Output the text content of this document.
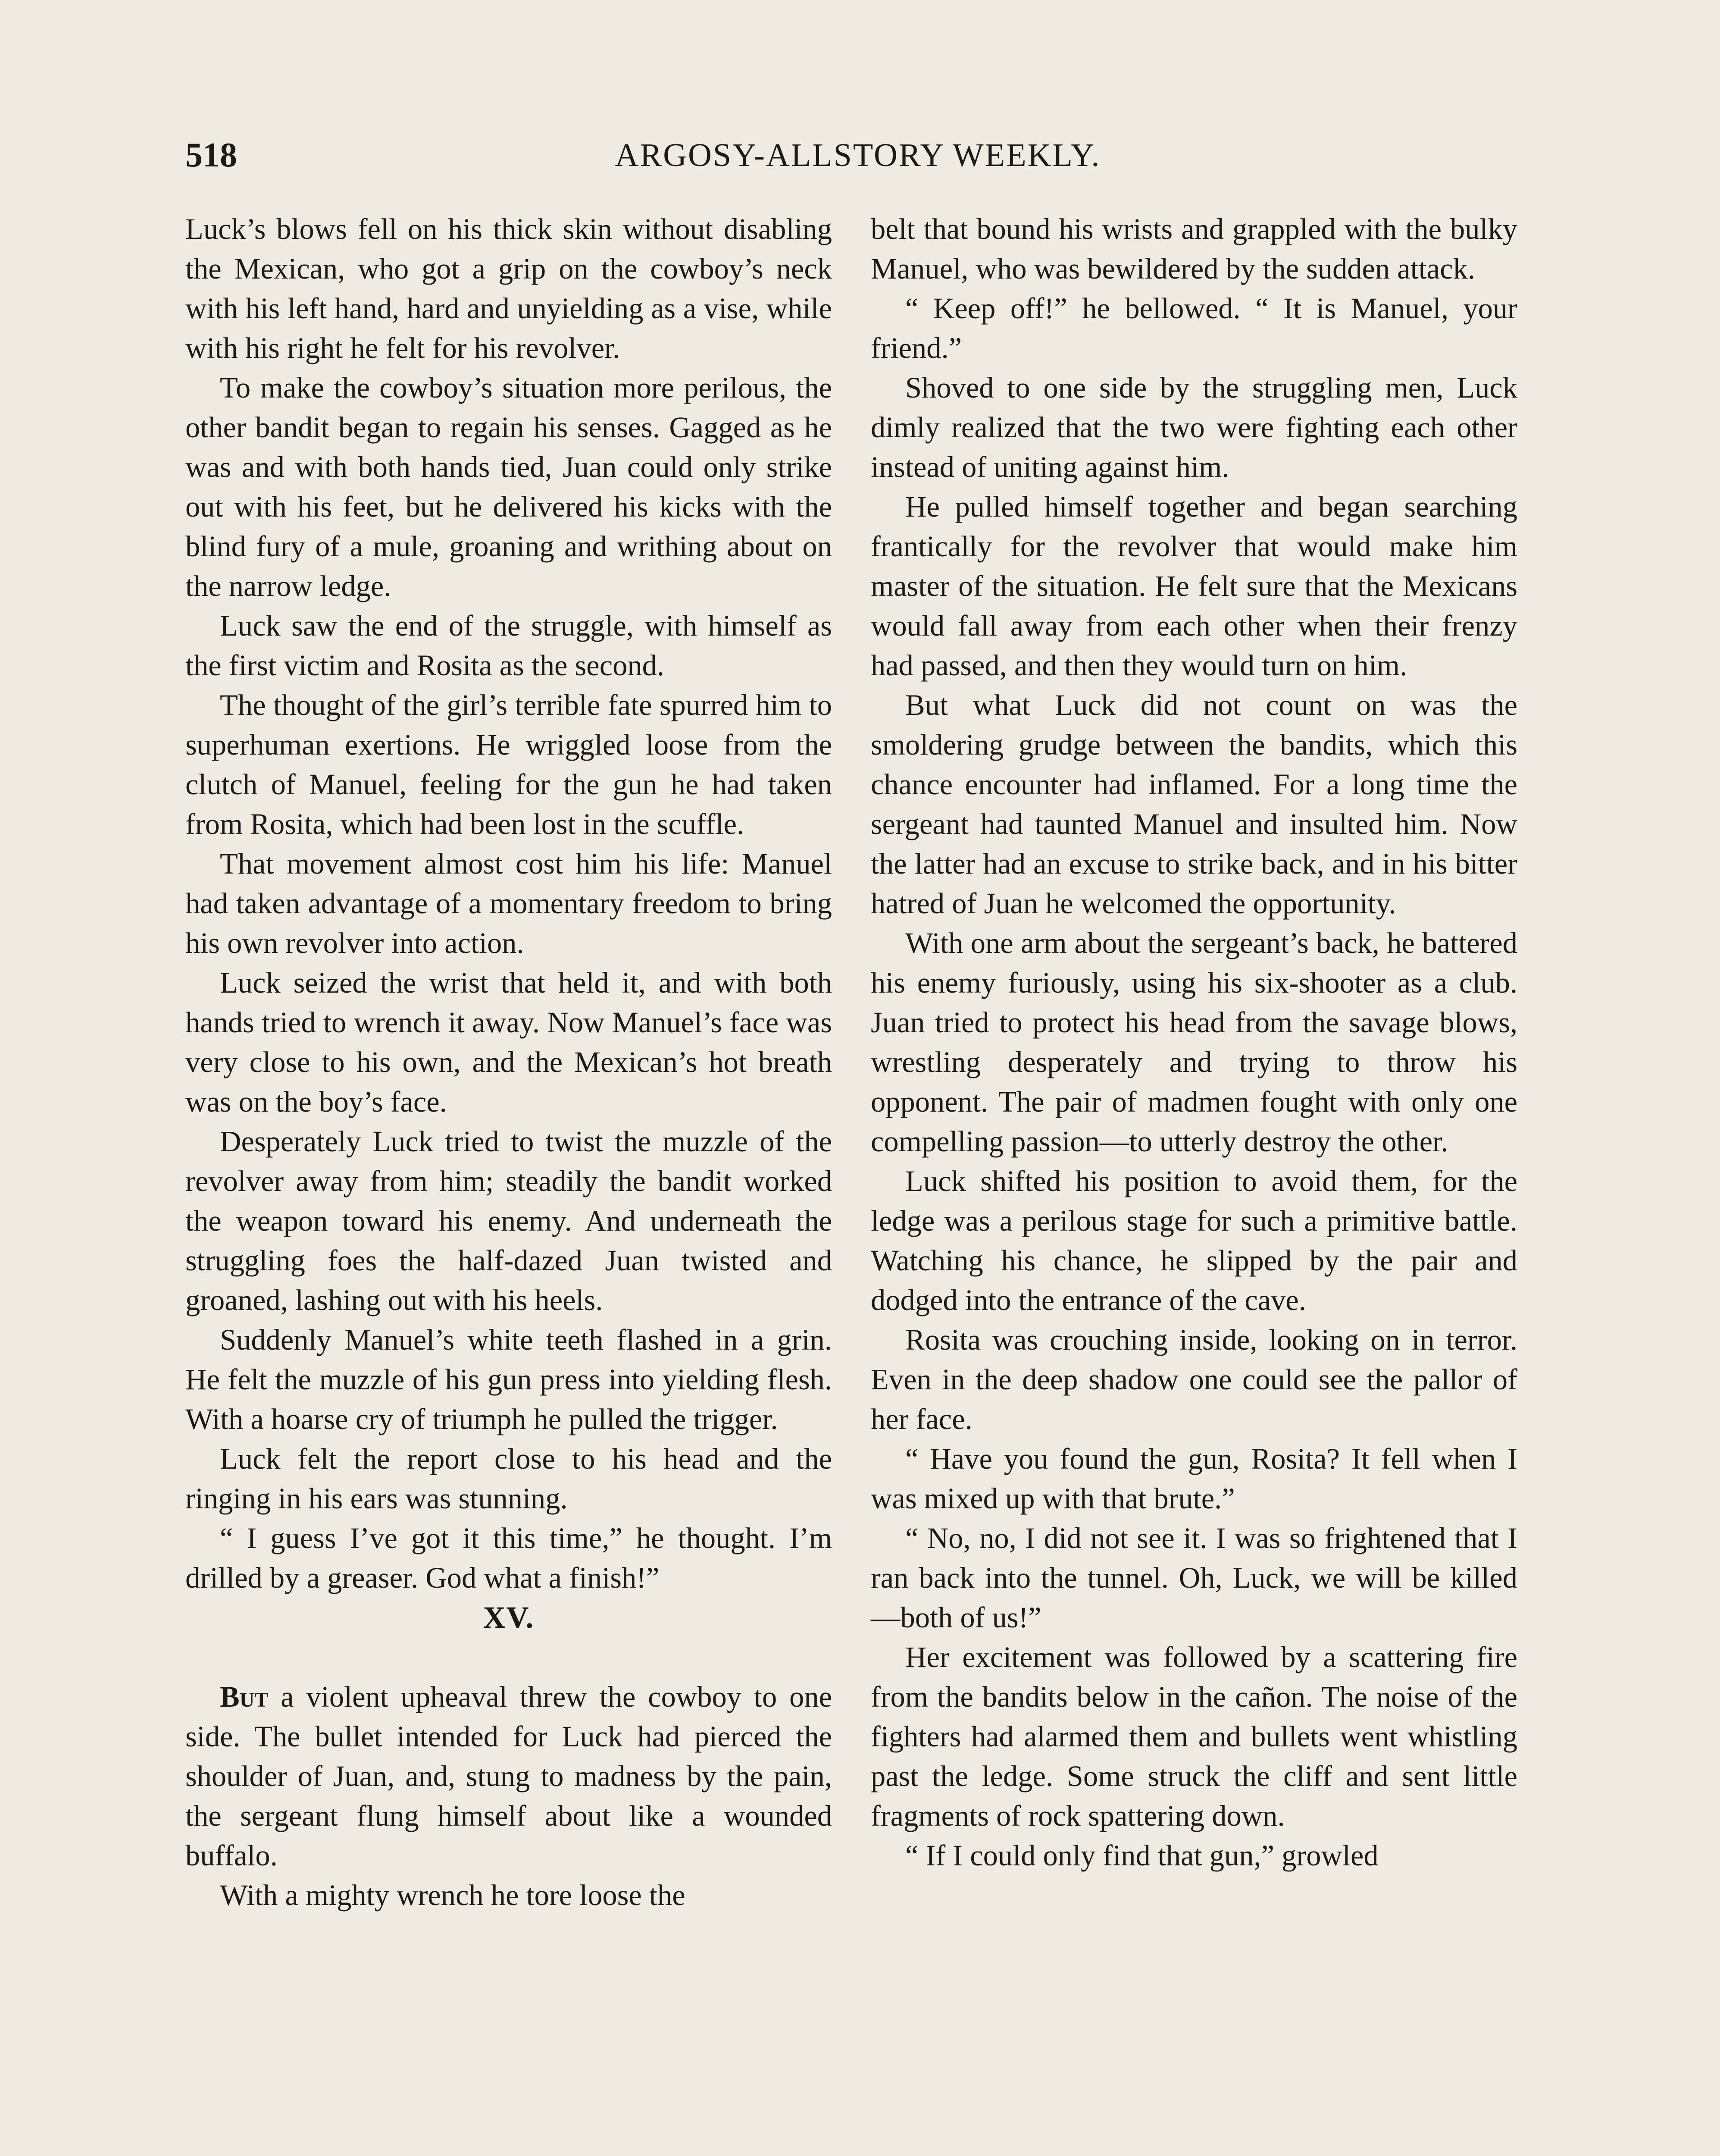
518	ARGOSY-ALLSTORY WEEKLY.

Luck’s blows fell on his thick skin without disabling the Mexican, who got a grip on the cowboy’s neck with his left hand, hard and unyielding as a vise, while with his right he felt for his revolver.

To make the cowboy’s situation more perilous, the other bandit began to regain his senses. Gagged as he was and with both hands tied, Juan could only strike out with his feet, but he delivered his kicks with the blind fury of a mule, groaning and writhing about on the narrow ledge.

Luck saw the end of the struggle, with himself as the first victim and Rosita as the second.

The thought of the girl’s terrible fate spurred him to superhuman exertions. He wriggled loose from the clutch of Manuel, feeling for the gun he had taken from Rosita, which had been lost in the scuffle.

That movement almost cost him his life: Manuel had taken advantage of a momentary freedom to bring his own revolver into action.

Luck seized the wrist that held it, and with both hands tried to wrench it away. Now Manuel’s face was very close to his own, and the Mexican’s hot breath was on the boy’s face.

Desperately Luck tried to twist the muzzle of the revolver away from him; steadily the bandit worked the weapon toward his enemy. And underneath the struggling foes the half-dazed Juan twisted and groaned, lashing out with his heels.

Suddenly Manuel’s white teeth flashed in a grin. He felt the muzzle of his gun press into yielding flesh. With a hoarse cry of triumph he pulled the trigger.

Luck felt the report close to his head and the ringing in his ears was stunning.

“ I guess I’ve got it this time,” he thought. I’m drilled by a greaser. God what a finish!”

XV.

But a violent upheaval threw the cowboy to one side. The bullet intended for Luck had pierced the shoulder of Juan, and, stung to madness by the pain, the sergeant flung himself about like a wounded buffalo.

With a mighty wrench he tore loose the

belt that bound his wrists and grappled with the bulky Manuel, who was bewildered by the sudden attack.

“ Keep off!” he bellowed. “ It is Manuel, your friend.”

Shoved to one side by the struggling men, Luck dimly realized that the two were fighting each other instead of uniting against him.

He pulled himself together and began searching frantically for the revolver that would make him master of the situation. He felt sure that the Mexicans would fall away from each other when their frenzy had passed, and then they would turn on him.

But what Luck did not count on was the smoldering grudge between the bandits, which this chance encounter had inflamed. For a long time the sergeant had taunted Manuel and insulted him. Now the latter had an excuse to strike back, and in his bitter hatred of Juan he welcomed the opportunity.

With one arm about the sergeant’s back, he battered his enemy furiously, using his six-shooter as a club. Juan tried to protect his head from the savage blows, wrestling desperately and trying to throw his opponent. The pair of madmen fought with only one compelling passion—to utterly destroy the other.

Luck shifted his position to avoid them, for the ledge was a perilous stage for such a primitive battle. Watching his chance, he slipped by the pair and dodged into the entrance of the cave.

Rosita was crouching inside, looking on in terror. Even in the deep shadow one could see the pallor of her face.

“ Have you found the gun, Rosita? It fell when I was mixed up with that brute.”

“ No, no, I did not see it. I was so frightened that I ran back into the tunnel. Oh, Luck, we will be killed—both of us!”

Her excitement was followed by a scattering fire from the bandits below in the cañon. The noise of the fighters had alarmed them and bullets went whistling past the ledge. Some struck the cliff and sent little fragments of rock spattering down.

“ If I could only find that gun,” growled
